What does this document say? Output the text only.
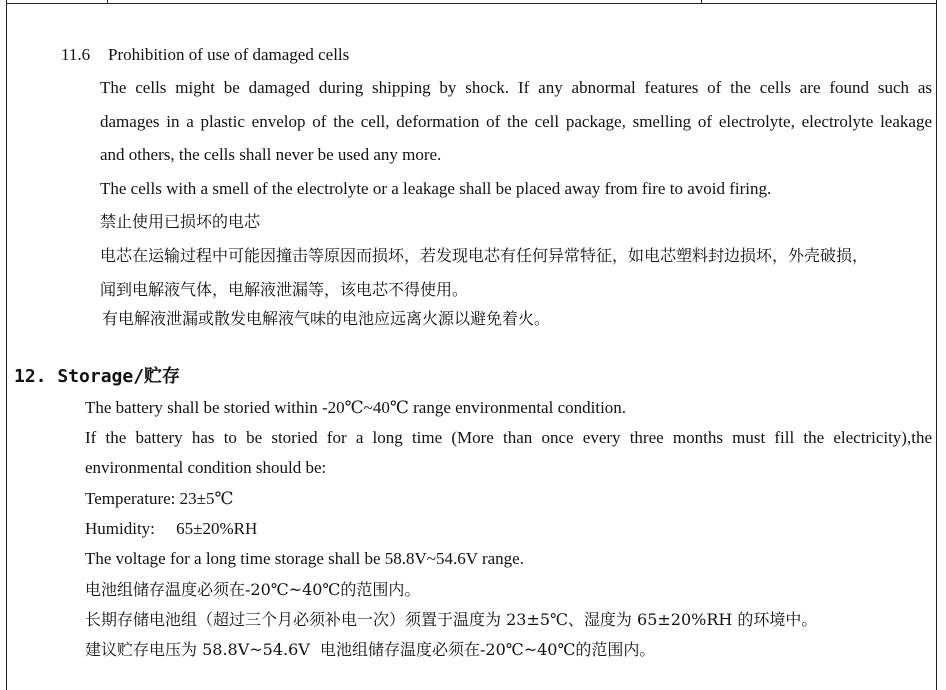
11.6 Prohibition of use of damaged cells
The cells might be damaged during shipping by shock. If any abnormal features of the cells are found such as
damages in a plastic envelop of the cell, deformation of the cell package, smelling of electrolyte, electrolyte leakage
and others, the cells shall never be used any more.
The cells with a smell of the electrolyte or a leakage shall be placed away from fire to avoid firing.
禁止使用已损坏的电芯
电芯在运输过程中可能因撞击等原因而损坏，若发现电芯有任何异常特征，如电芯塑料封边损坏，外壳破损，
闻到电解液气体，电解液泄漏等，该电芯不得使用。
有电解液泄漏或散发电解液气味的电池应远离火源以避免着火。
12. Storage/贮存
The battery shall be storied within -20℃~40℃ range environmental condition.
If the battery has to be storied for a long time (More than once every three months must fill the electricity),the
environmental condition should be:
Temperature: 23±5℃
Humidity:     65±20%RH
The voltage for a long time storage shall be 58.8V~54.6V range.
电池组储存温度必须在-20℃~40℃的范围内。
长期存储电池组（超过三个月必须补电一次）须置于温度为 23±5℃、湿度为 65±20%RH 的环境中。
建议贮存电压为 58.8V~54.6V  电池组储存温度必须在-20℃~40℃的范围内。
